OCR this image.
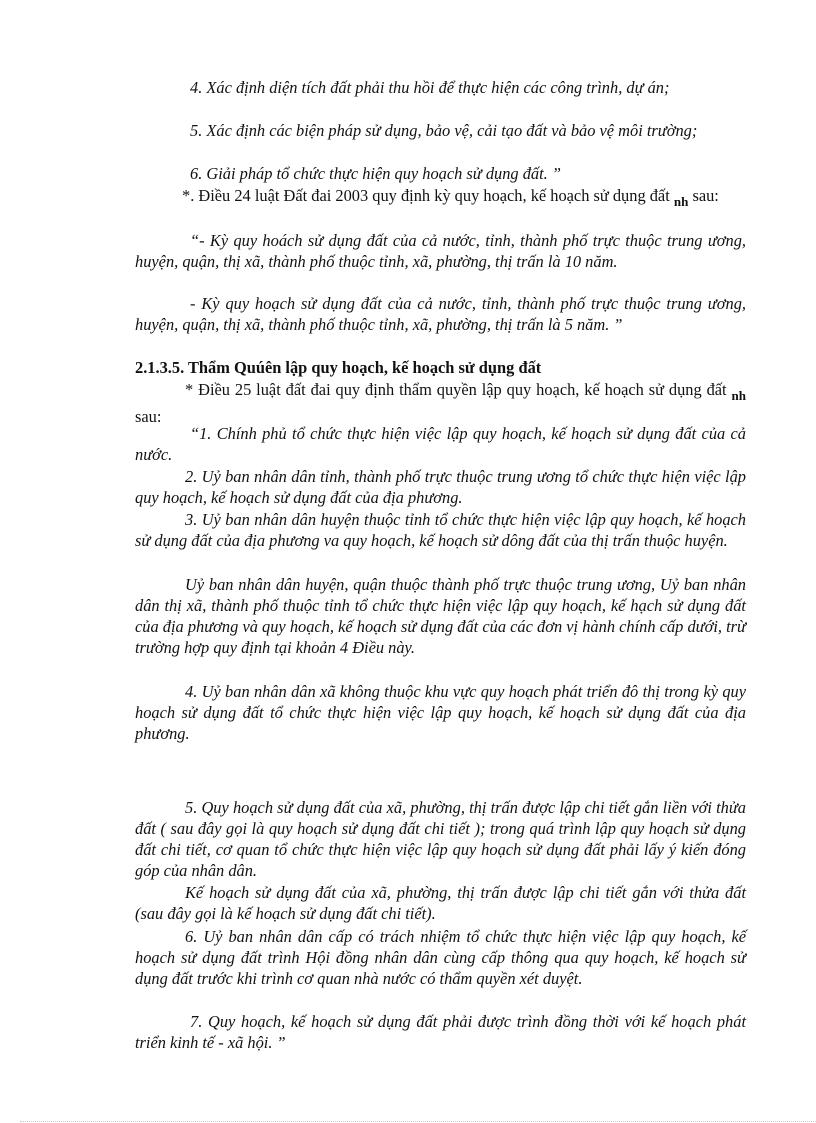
4. Xác định diện tích đất phải thu hồi để thực hiện các công trình, dự án;

5. Xác định các biện pháp sử dụng, bảo vệ, cải tạo đất và bảo vệ môi trường;

6. Giải pháp tổ chức thực hiện quy hoạch sử dụng đất. ”

*. Điều 24 luật Đất đai 2003 quy định kỳ quy hoạch, kế hoạch sử dụng đất $_{nh}$ sau:

“- Kỳ quy hoách sử dụng đất của cả nước, tỉnh, thành phố trực thuộc trung ương, huyện, quận, thị xã, thành phố thuộc tỉnh, xã, phường, thị trấn là 10 năm.

- Kỳ quy hoạch sử dụng đất của cả nước, tỉnh, thành phố trực thuộc trung ương, huyện, quận, thị xã, thành phố thuộc tỉnh, xã, phường, thị trấn là 5 năm. ”

2.1.3.5. Thẩm Quúên lập quy hoạch, kế hoạch sử dụng đất

* Điều 25 luật đất đai quy định thẩm quyền lập quy hoạch, kế hoạch sử dụng đất $_{nh}$ sau:

“1. Chính phủ tổ chức thực hiện việc lập quy hoạch, kế hoạch sử dụng đất của cả nước.

2. Uỷ ban nhân dân tỉnh, thành phố trực thuộc trung ương tổ chức thực hiện việc lập quy hoạch, kế hoạch sử dụng đất của địa phương.

3. Uỷ ban nhân dân huyện thuộc tỉnh tổ chức thực hiện việc lập quy hoạch, kế hoạch sử dụng đất của địa phương va quy hoạch, kế hoạch sử dông đất của thị trấn thuộc huyện.

Uỷ ban nhân dân huyện, quận thuộc thành phố trực thuộc trung ương, Uỷ ban nhân dân thị xã, thành phố thuộc tỉnh tổ chức thực hiện việc lập quy hoạch, kế hạch sử dụng đất của địa phương và quy hoạch, kế hoạch sử dụng đất của các đơn vị hành chính cấp dưới, trừ trường hợp quy định tại khoản 4 Điều này.

4. Uỷ ban nhân dân xã không thuộc khu vực quy hoạch phát triển đô thị trong kỳ quy hoạch sử dụng đất tổ chức thực hiện việc lập quy hoạch, kế hoạch sử dụng đất của địa phương.

5. Quy hoạch sử dụng đất của xã, phường, thị trấn được lập chi tiết gắn liền với thửa đất ( sau đây gọi là quy hoạch sử dụng đất chi tiết ); trong quá trình lập quy hoạch sử dụng đất chi tiết, cơ quan tổ chức thực hiện việc lập quy hoạch sử dụng đất phải lấy ý kiến đóng góp của nhân dân.

Kế hoạch sử dụng đất của xã, phường, thị trấn được lập chi tiết gắn với thửa đất (sau đây gọi là kế hoạch sử dụng đất chi tiết).

6. Uỷ ban nhân dân cấp có trách nhiệm tổ chức thực hiện việc lập quy hoạch, kế hoạch sử dụng đất trình Hội đồng nhân dân cùng cấp thông qua quy hoạch, kế hoạch sử dụng đất trước khi trình cơ quan nhà nước có thẩm quyền xét duyệt.

7. Quy hoạch, kế hoạch sử dụng đất phải được trình đồng thời với kế hoạch phát triển kinh tế - xã hội. ”
